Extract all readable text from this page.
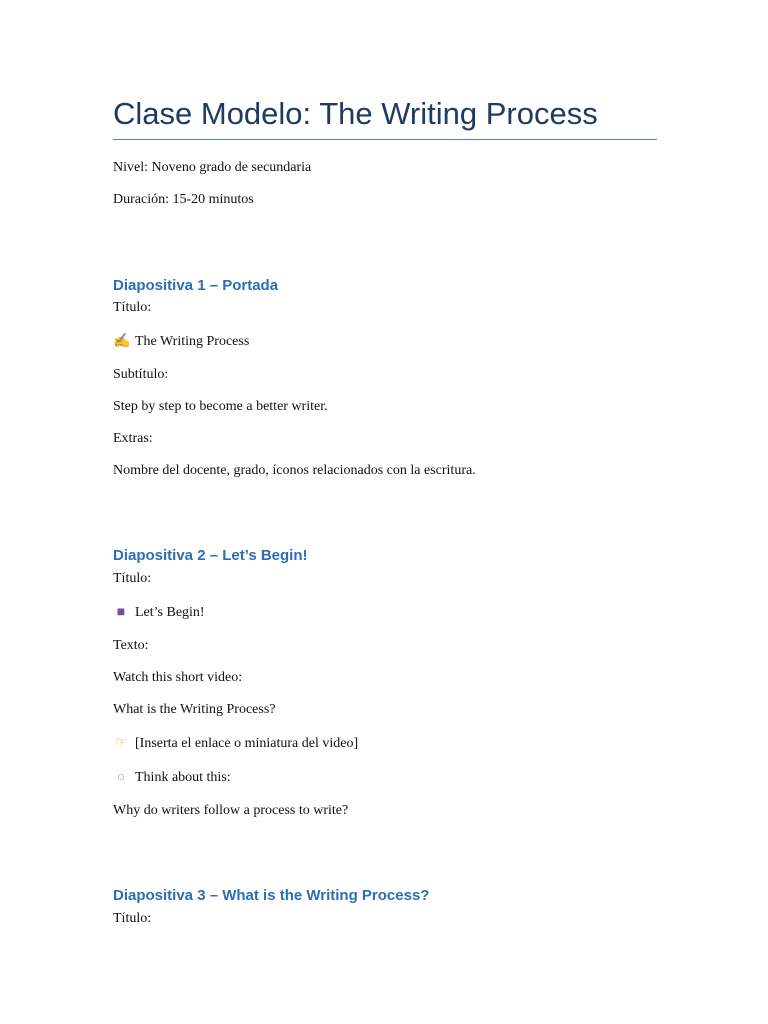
Clase Modelo: The Writing Process
Nivel: Noveno grado de secundaria
Duración: 15-20 minutos
Diapositiva 1 – Portada
Título:
✍ The Writing Process
Subtítulo:
Step by step to become a better writer.
Extras:
Nombre del docente, grado, íconos relacionados con la escritura.
Diapositiva 2 – Let’s Begin!
Título:
■ Let’s Begin!
Texto:
Watch this short video:
What is the Writing Process?
☞ [Inserta el enlace o miniatura del video]
○ Think about this:
Why do writers follow a process to write?
Diapositiva 3 – What is the Writing Process?
Título:
